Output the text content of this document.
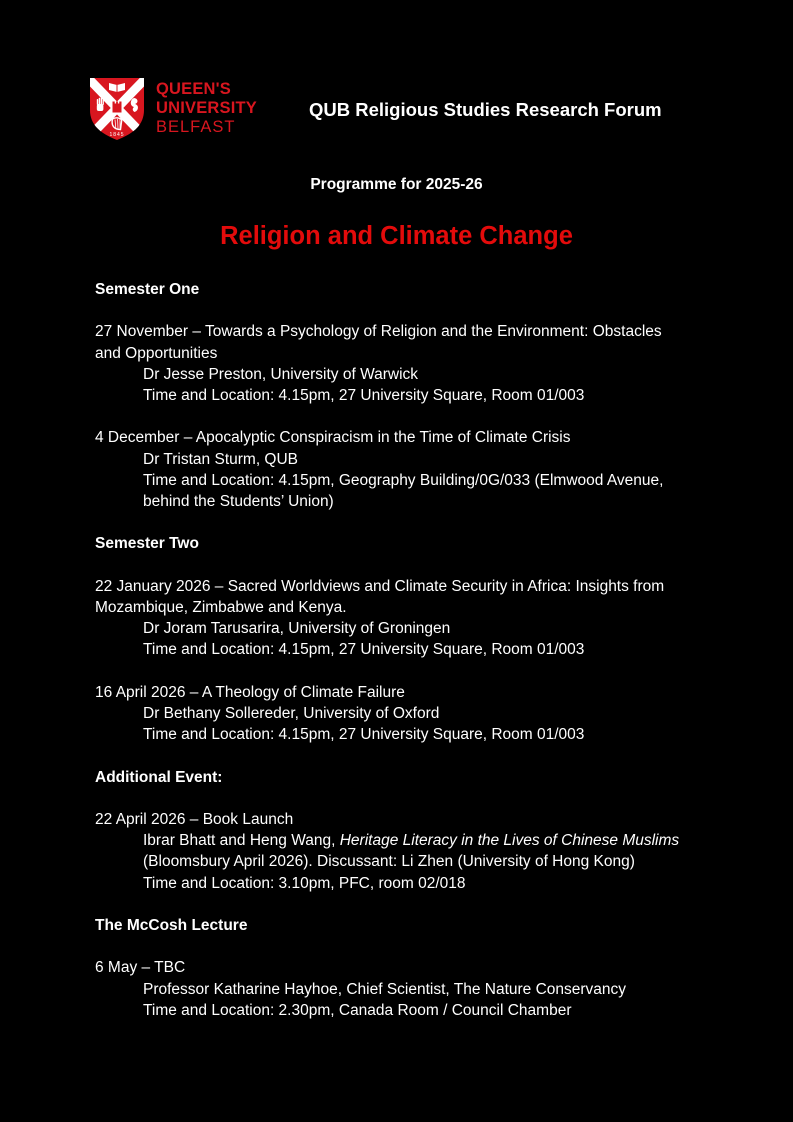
1845
QUEEN'S
UNIVERSITY
BELFAST
QUB Religious Studies Research Forum
Programme for 2025-26
Religion and Climate Change
Semester One
27 November – Towards a Psychology of Religion and the Environment: Obstacles
and Opportunities
Dr Jesse Preston, University of Warwick
Time and Location: 4.15pm, 27 University Square, Room 01/003
4 December – Apocalyptic Conspiracism in the Time of Climate Crisis
Dr Tristan Sturm, QUB
Time and Location: 4.15pm, Geography Building/0G/033 (Elmwood Avenue,
behind the Students’ Union)
Semester Two
22 January 2026 – Sacred Worldviews and Climate Security in Africa: Insights from
Mozambique, Zimbabwe and Kenya.
Dr Joram Tarusarira, University of Groningen
Time and Location: 4.15pm, 27 University Square, Room 01/003
16 April 2026 – A Theology of Climate Failure
Dr Bethany Sollereder, University of Oxford
Time and Location: 4.15pm, 27 University Square, Room 01/003
Additional Event:
22 April 2026 – Book Launch
Ibrar Bhatt and Heng Wang, Heritage Literacy in the Lives of Chinese Muslims
(Bloomsbury April 2026). Discussant: Li Zhen (University of Hong Kong)
Time and Location: 3.10pm, PFC, room 02/018
The McCosh Lecture
6 May – TBC
Professor Katharine Hayhoe, Chief Scientist, The Nature Conservancy
Time and Location: 2.30pm, Canada Room / Council Chamber
